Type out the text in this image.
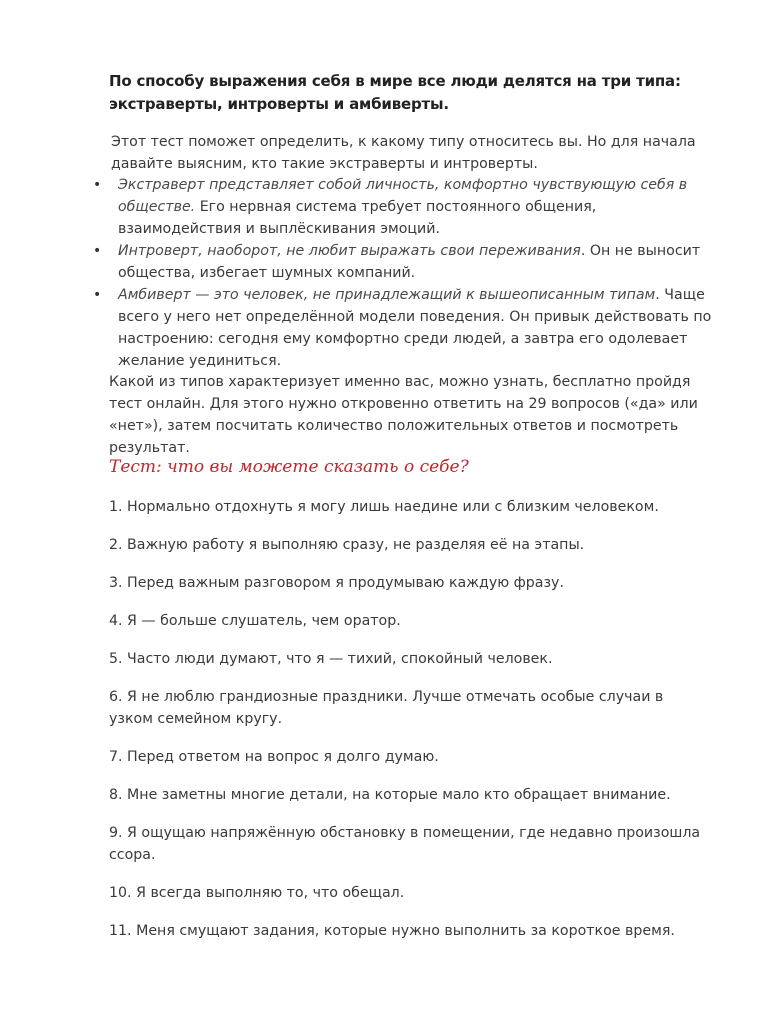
По способу выражения себя в мире все люди делятся на три типа: экстраверты, интроверты и амбиверты.
Этот тест поможет определить, к какому типу относитесь вы. Но для начала давайте выясним, кто такие экстраверты и интроверты.
• Экстраверт представляет собой личность, комфортно чувствующую себя в обществе. Его нервная система требует постоянного общения, взаимодействия и выплёскивания эмоций.
• Интроверт, наоборот, не любит выражать свои переживания. Он не выносит общества, избегает шумных компаний.
• Амбиверт — это человек, не принадлежащий к вышеописанным типам. Чаще всего у него нет определённой модели поведения. Он привык действовать по настроению: сегодня ему комфортно среди людей, а завтра его одолевает желание уединиться.
Какой из типов характеризует именно вас, можно узнать, бесплатно пройдя тест онлайн. Для этого нужно откровенно ответить на 29 вопросов («да» или «нет»), затем посчитать количество положительных ответов и посмотреть результат.
Тест: что вы можете сказать о себе?
1. Нормально отдохнуть я могу лишь наедине или с близким человеком.
2. Важную работу я выполняю сразу, не разделяя её на этапы.
3. Перед важным разговором я продумываю каждую фразу.
4. Я — больше слушатель, чем оратор.
5. Часто люди думают, что я — тихий, спокойный человек.
6. Я не люблю грандиозные праздники. Лучше отмечать особые случаи в узком семейном кругу.
7. Перед ответом на вопрос я долго думаю.
8. Мне заметны многие детали, на которые мало кто обращает внимание.
9. Я ощущаю напряжённую обстановку в помещении, где недавно произошла ссора.
10. Я всегда выполняю то, что обещал.
11. Меня смущают задания, которые нужно выполнить за короткое время.
